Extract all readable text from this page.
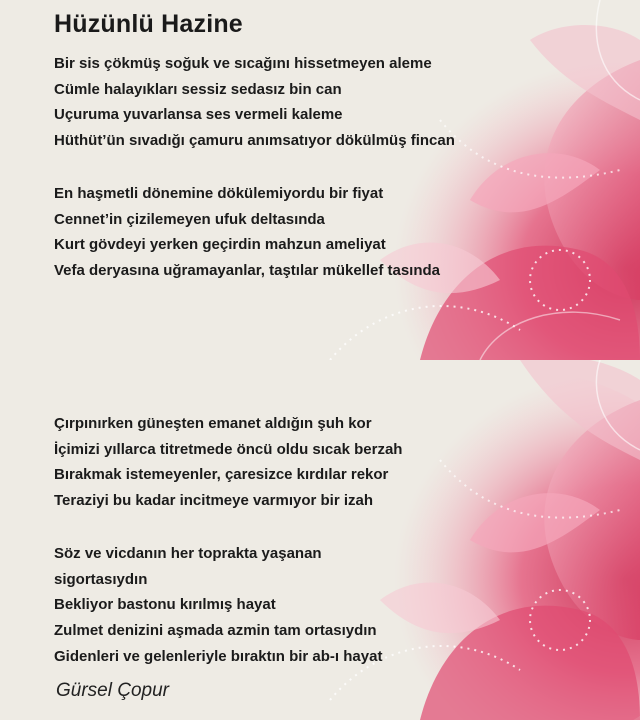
Hüzünlü Hazine
Bir sis çökmüş soğuk ve sıcağını hissetmeyen aleme
Cümle halayıkları sessiz sedasız bin can
Uçuruma yuvarlansa ses vermeli kaleme
Hüthüt’ün sıvadığı çamuru anımsatıyor dökülmüş fincan
En haşmetli dönemine dökülemiyordu bir fiyat
Cennet’in çizilemeyen ufuk deltasında
Kurt gövdeyi yerken geçirdin mahzun ameliyat
Vefa deryasına uğramayanlar, taştılar mükellef tasında
Çırpınırken güneşten emanet aldığın şuh kor
İçimizi yıllarca titretmede öncü oldu sıcak berzah
Bırakmak istemeyenler, çaresizce kırdılar rekor
Teraziyi bu kadar incitmeye varmıyor bir izah
Söz ve vicdanın her toprakta yaşanan
sigortasıydın
Bekliyor bastonu kırılmış hayat
Zulmet denizini aşmada azmin tam ortasıydın
Gidenleri ve gelenleriyle bıraktın bir ab-ı hayat
Gürsel Çopur
